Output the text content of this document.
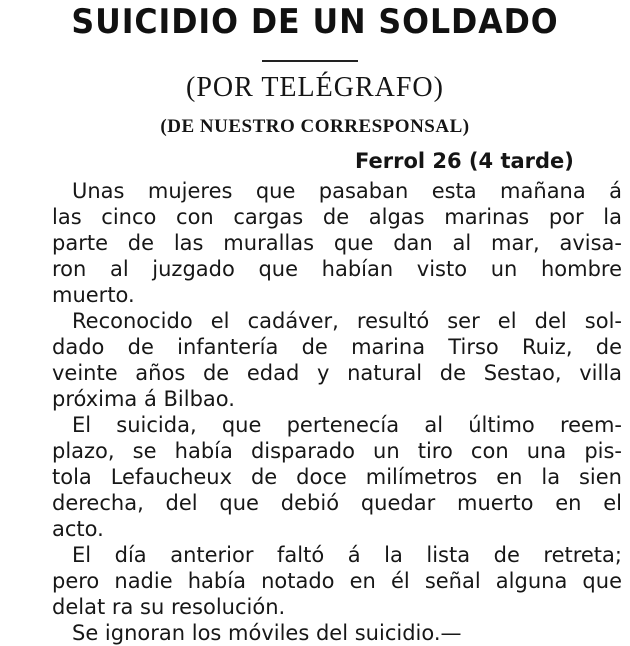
SUICIDIO DE UN SOLDADO
(POR TELÉGRAFO)
(DE NUESTRO CORRESPONSAL)
Ferrol 26 (4 tarde)
Unas mujeres que pasaban esta mañana á
las cinco con cargas de algas marinas por la
parte de las murallas que dan al mar, avisa-
ron al juzgado que habían visto un hombre
muerto.
Reconocido el cadáver, resultó ser el del sol-
dado de infantería de marina Tirso Ruiz, de
veinte años de edad y natural de Sestao, villa
próxima á Bilbao.
El suicida, que pertenecía al último reem-
plazo, se había disparado un tiro con una pis-
tola Lefaucheux de doce milímetros en la sien
derecha, del que debió quedar muerto en el
acto.
El día anterior faltó á la lista de retreta;
pero nadie había notado en él señal alguna que
delat ra su resolución.
Se ignoran los móviles del suicidio.—
